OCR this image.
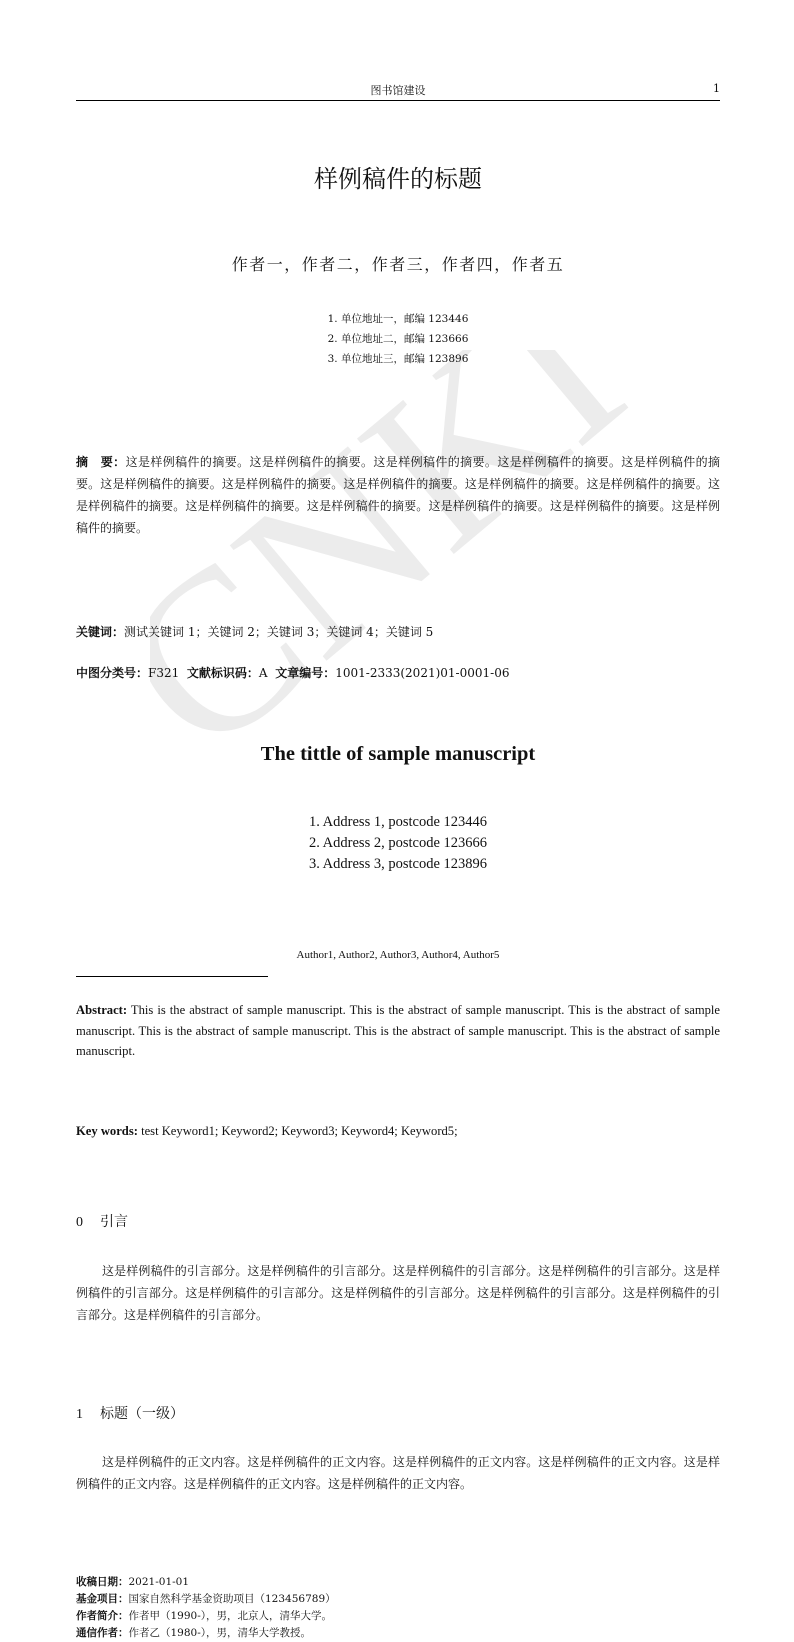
CNKI
图书馆建设	1
样例稿件的标题
作者一，作者二，作者三，作者四，作者五
1. 单位地址一，邮编 123446
2. 单位地址二，邮编 123666
3. 单位地址三，邮编 123896
摘　要：这是样例稿件的摘要。这是样例稿件的摘要。这是样例稿件的摘要。这是样例稿件的摘要。这是样例稿件的摘要。这是样例稿件的摘要。这是样例稿件的摘要。这是样例稿件的摘要。这是样例稿件的摘要。这是样例稿件的摘要。这是样例稿件的摘要。这是样例稿件的摘要。这是样例稿件的摘要。这是样例稿件的摘要。这是样例稿件的摘要。这是样例稿件的摘要。
关键词：测试关键词 1；关键词 2；关键词 3；关键词 4；关键词 5
中图分类号：F321 文献标识码：A 文章编号：1001-2333(2021)01-0001-06
The tittle of sample manuscript
1. Address 1, postcode 123446
2. Address 2, postcode 123666
3. Address 3, postcode 123896
Author1, Author2, Author3, Author4, Author5
Abstract: This is the abstract of sample manuscript. This is the abstract of sample manuscript. This is the abstract of sample manuscript. This is the abstract of sample manuscript. This is the abstract of sample manuscript. This is the abstract of sample manuscript.
Key words: test Keyword1; Keyword2; Keyword3; Keyword4; Keyword5;
0 引言
这是样例稿件的引言部分。这是样例稿件的引言部分。这是样例稿件的引言部分。这是样例稿件的引言部分。这是样例稿件的引言部分。这是样例稿件的引言部分。这是样例稿件的引言部分。这是样例稿件的引言部分。这是样例稿件的引言部分。这是样例稿件的引言部分。
1 标题（一级）
这是样例稿件的正文内容。这是样例稿件的正文内容。这是样例稿件的正文内容。这是样例稿件的正文内容。这是样例稿件的正文内容。这是样例稿件的正文内容。这是样例稿件的正文内容。
收稿日期：2021-01-01
基金项目：国家自然科学基金资助项目（123456789）
作者简介：作者甲（1990-），男，北京人，清华大学。
通信作者：作者乙（1980-），男，清华大学教授。
